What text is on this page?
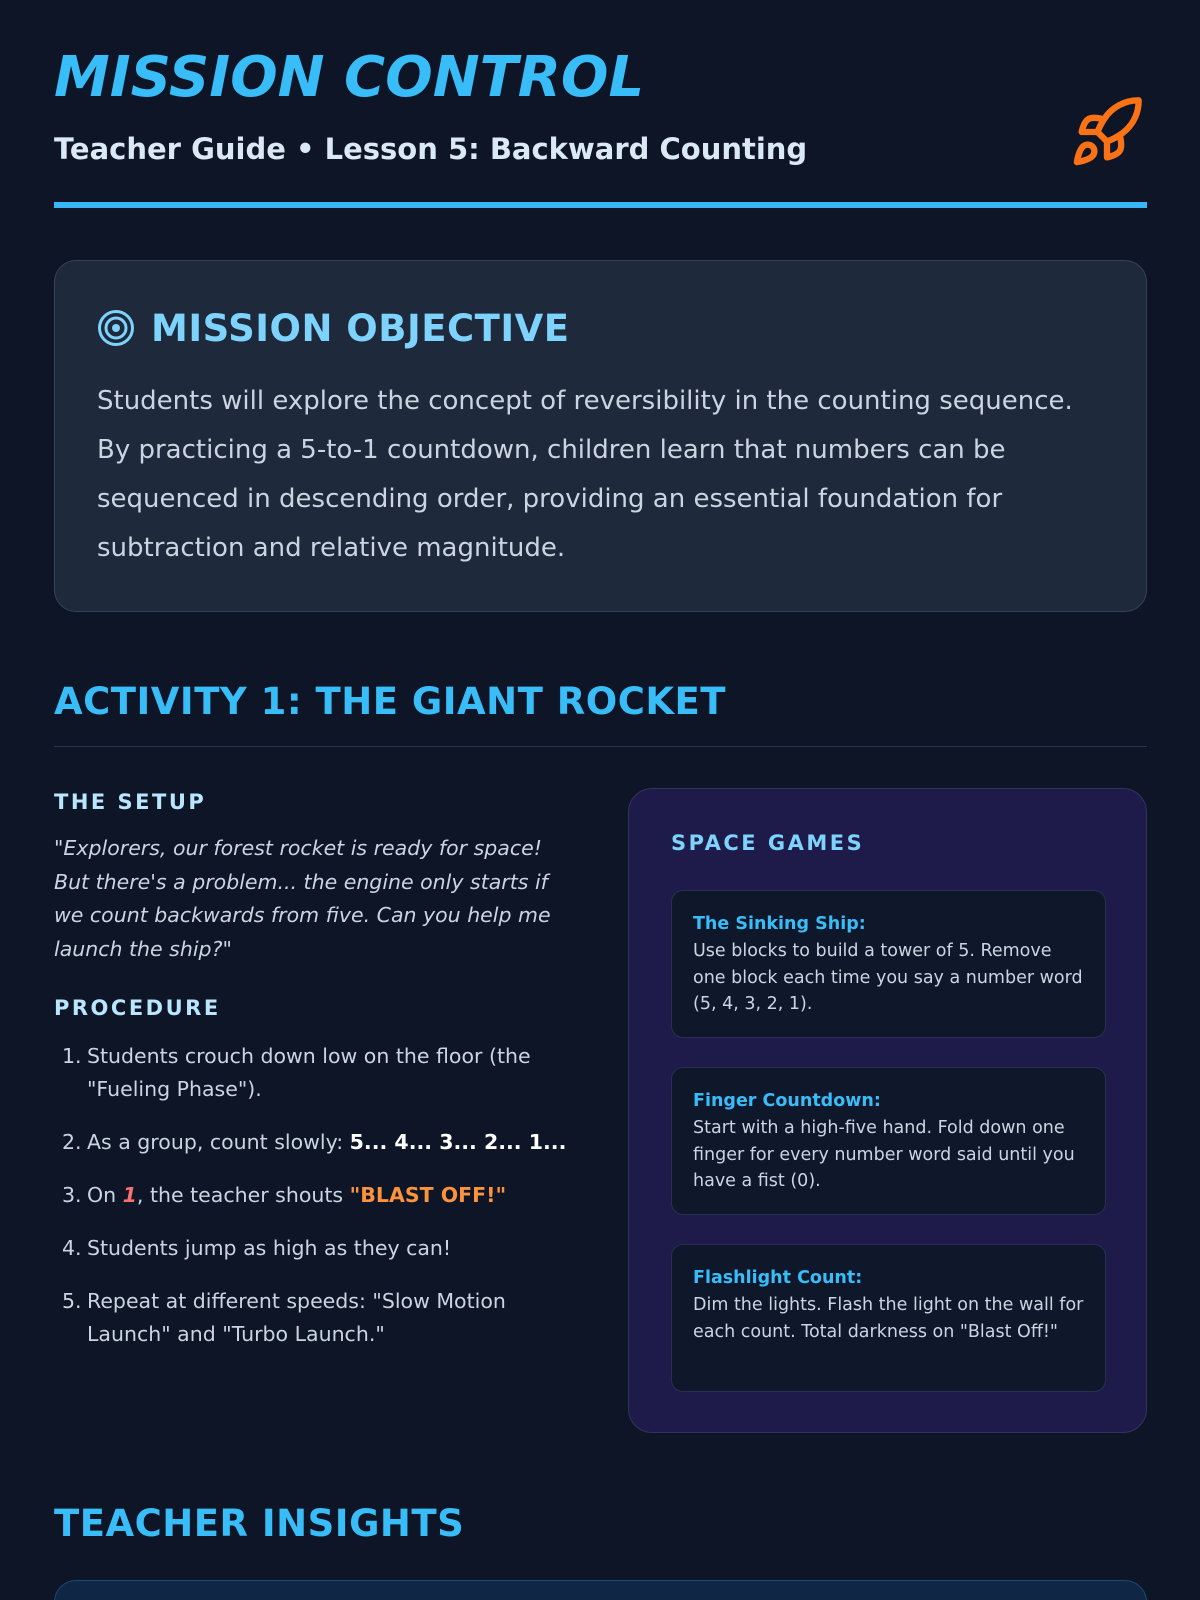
MISSION CONTROL
Teacher Guide • Lesson 5: Backward Counting
MISSION OBJECTIVE

Students will explore the concept of reversibility in the counting sequence. By practicing a 5-to-1 countdown, children learn that numbers can be sequenced in descending order, providing an essential foundation for subtraction and relative magnitude.

ACTIVITY 1: THE GIANT ROCKET
THE SETUP

"Explorers, our forest rocket is ready for space! But there's a problem... the engine only starts if we count backwards from five. Can you help me launch the ship?"

PROCEDURE
1. Students crouch down low on the floor (the "Fueling Phase").
2. As a group, count slowly: 5... 4... 3... 2... 1...
3. On 1, the teacher shouts "BLAST OFF!"
4. Students jump as high as they can!
5. Repeat at different speeds: "Slow Motion Launch" and "Turbo Launch."
SPACE GAMES
The Sinking Ship:
Use blocks to build a tower of 5. Remove one block each time you say a number word (5, 4, 3, 2, 1).
Finger Countdown:
Start with a high-five hand. Fold down one finger for every number word said until you have a fist (0).
Flashlight Count:
Dim the lights. Flash the light on the wall for each count. Total darkness on "Blast Off!"
TEACHER INSIGHTS
